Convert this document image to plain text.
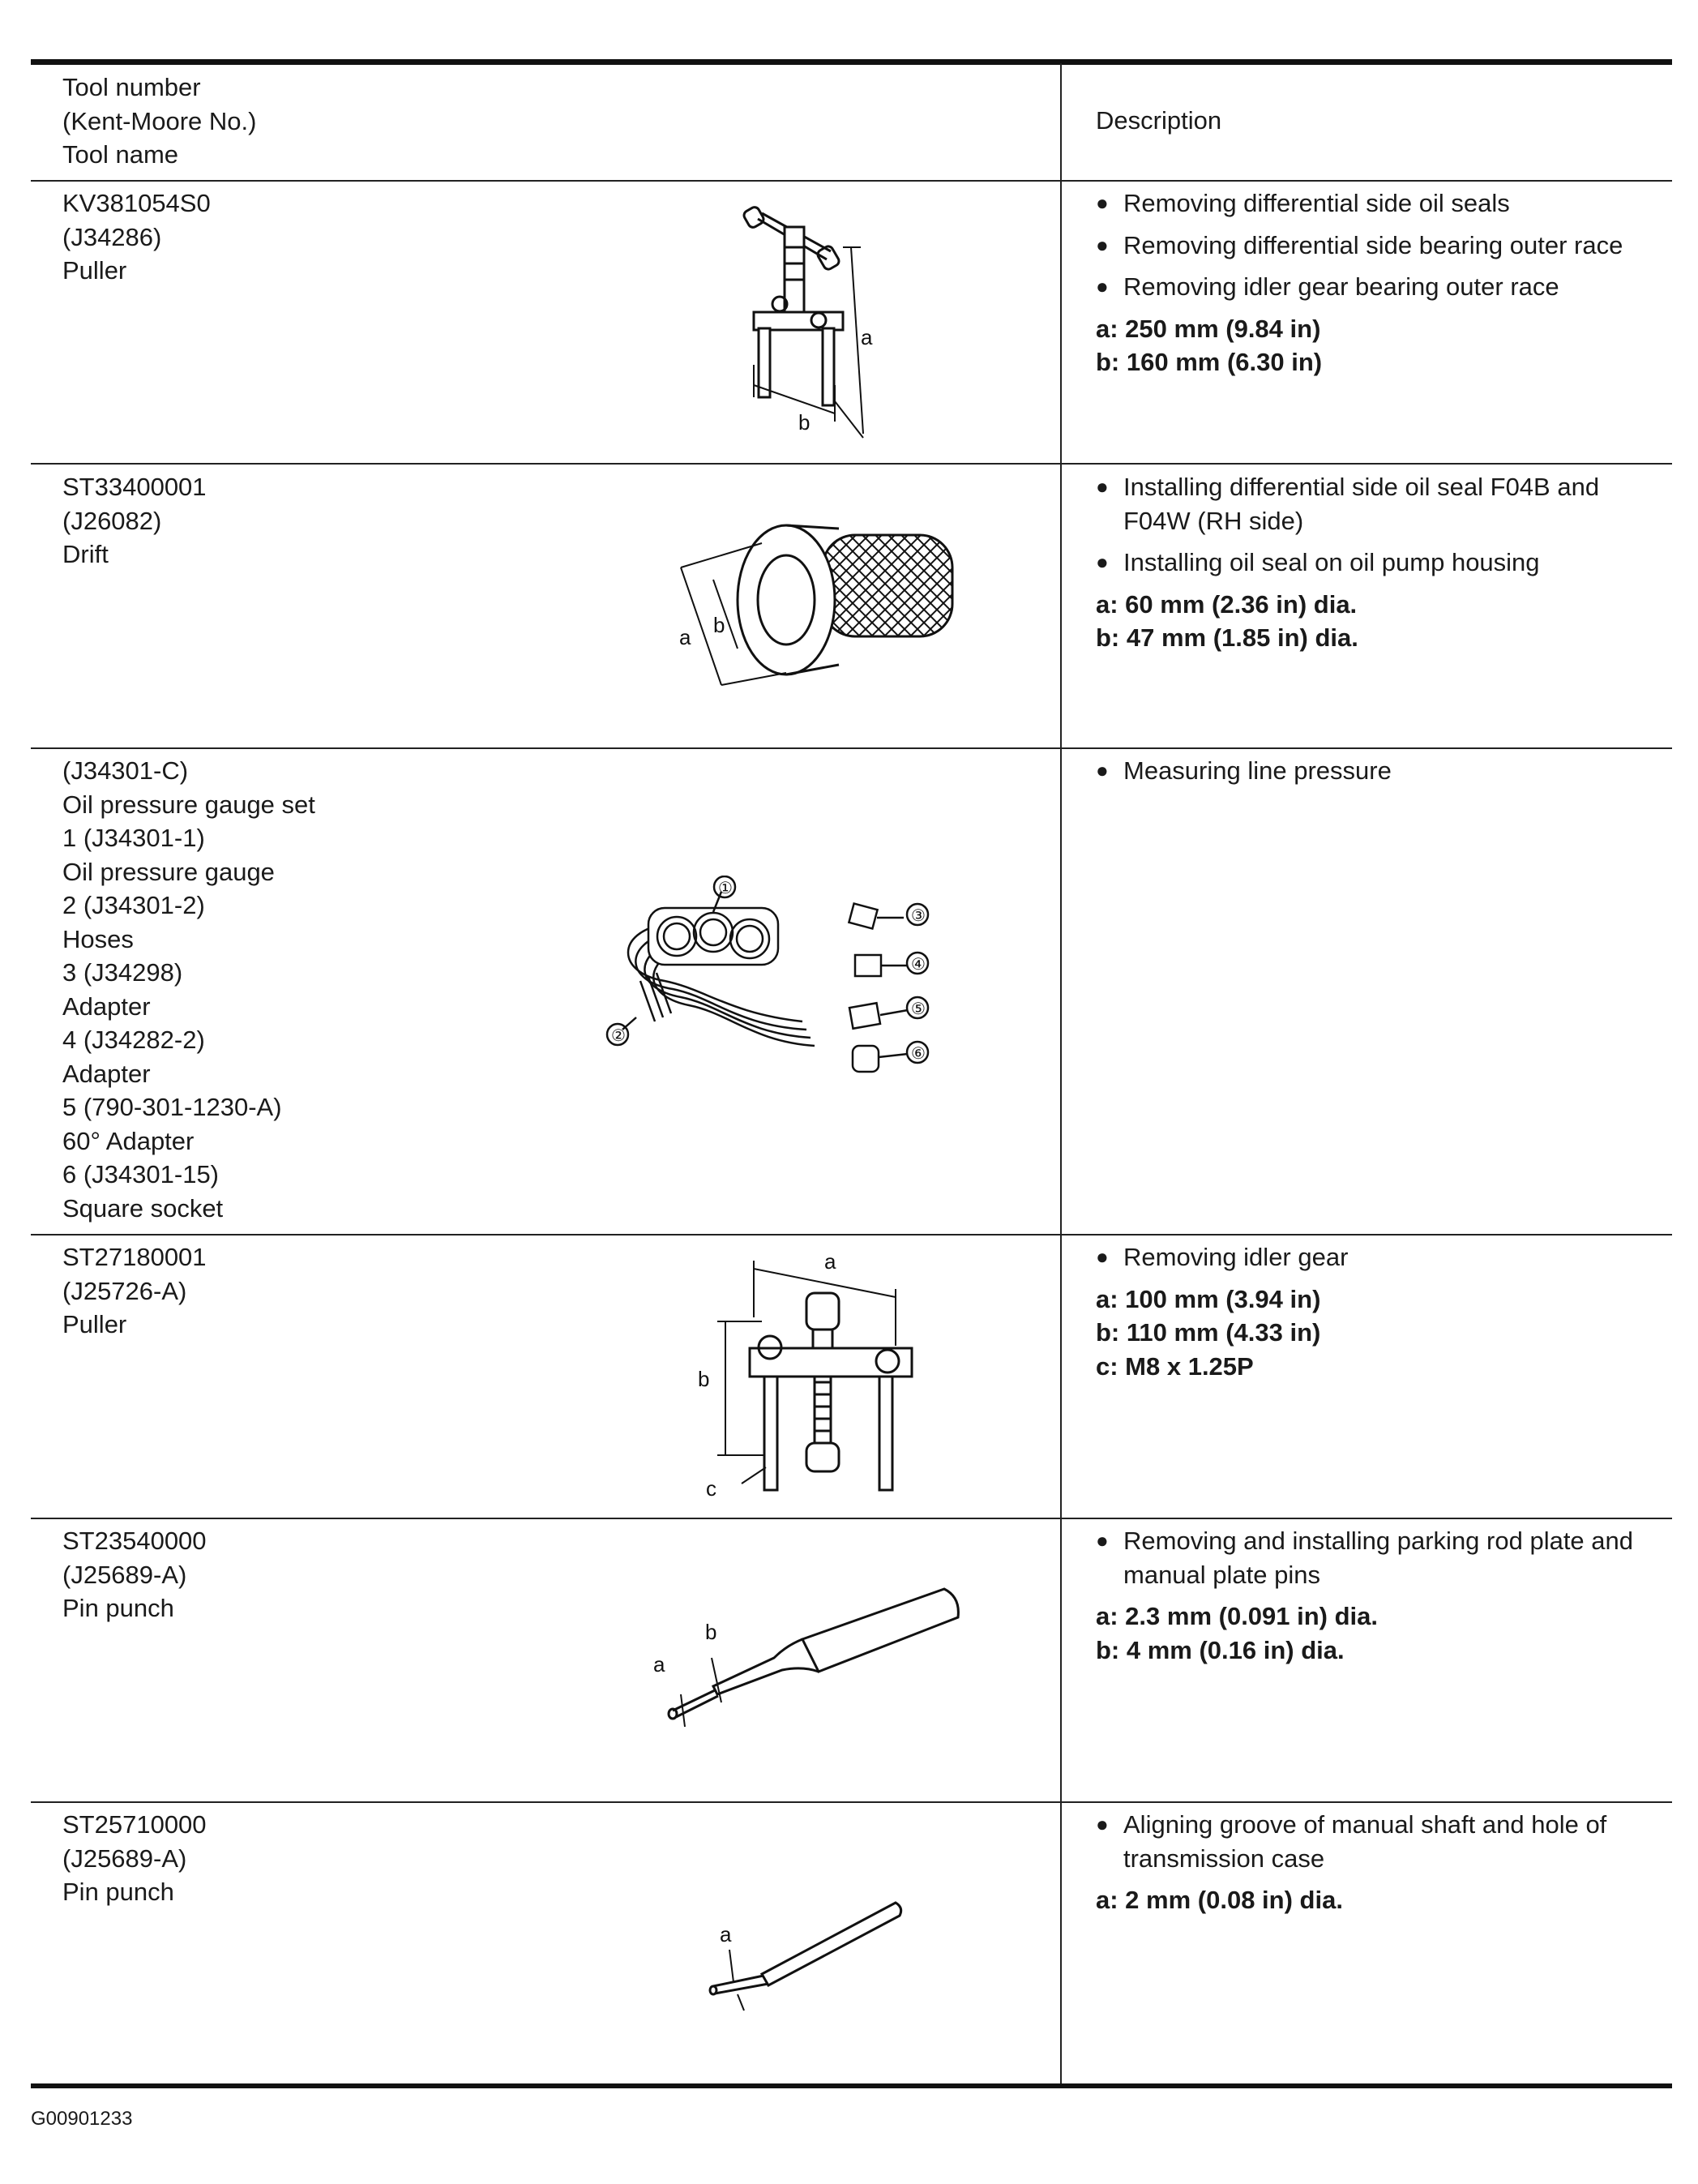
Tool number
(Kent-Moore No.)
Tool name
Description
KV381054S0
(J34286)
Puller
a
b
● Removing differential side oil seals
● Removing differential side bearing outer race
● Removing idler gear bearing outer race
a: 250 mm (9.84 in)
b: 160 mm (6.30 in)
ST33400001
(J26082)
Drift
a b
● Installing differential side oil seal F04B and F04W (RH side)
● Installing oil seal on oil pump housing
a: 60 mm (2.36 in) dia.
b: 47 mm (1.85 in) dia.
(J34301-C)
Oil pressure gauge set
1 (J34301-1)
Oil pressure gauge
2 (J34301-2)
Hoses
3 (J34298)
Adapter
4 (J34282-2)
Adapter
5 (790-301-1230-A)
60° Adapter
6 (J34301-15)
Square socket
①
②
③
④
⑤
⑥
● Measuring line pressure
ST27180001
(J25726-A)
Puller
a
b
c
● Removing idler gear
a: 100 mm (3.94 in)
b: 110 mm (4.33 in)
c: M8 x 1.25P
ST23540000
(J25689-A)
Pin punch
a
b
● Removing and installing parking rod plate and manual plate pins
a: 2.3 mm (0.091 in) dia.
b: 4 mm (0.16 in) dia.
ST25710000
(J25689-A)
Pin punch
a
● Aligning groove of manual shaft and hole of transmission case
a: 2 mm (0.08 in) dia.
G00901233
